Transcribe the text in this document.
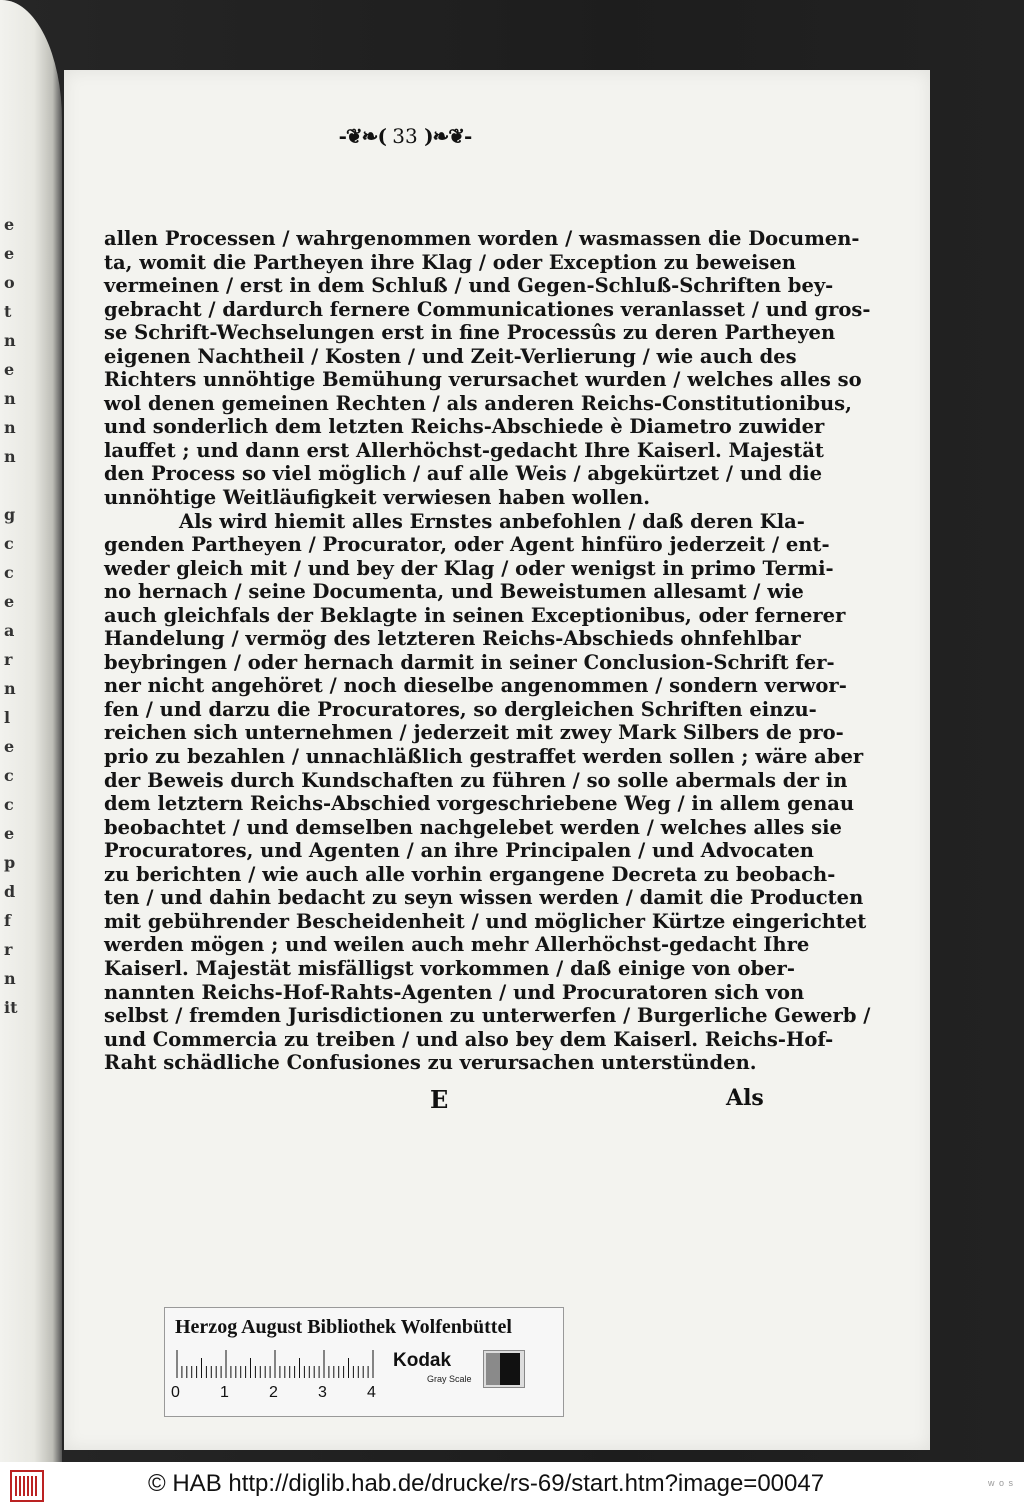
e
e
o
t
n
e
n
n
n

g
c
c
e
a
r
n
l
e
c
c
e
p
d
f
r
n
it
-❦❧( 33 )❧❦-
allen Processen / wahrgenommen worden / wasmassen die Documen-
ta, womit die Partheyen ihre Klag / oder Exception zu beweisen
vermeinen / erst in dem Schluß / und Gegen-Schluß-Schriften bey-
gebracht / dardurch fernere Communicationes veranlasset / und gros-
se Schrift-Wechselungen erst in fine Processûs zu deren Partheyen
eigenen Nachtheil / Kosten / und Zeit-Verlierung / wie auch des
Richters unnöhtige Bemühung verursachet wurden / welches alles so
wol denen gemeinen Rechten / als anderen Reichs-Constitutionibus,
und sonderlich dem letzten Reichs-Abschiede è Diametro zuwider
lauffet ; und dann erst Allerhöchst-gedacht Ihre Kaiserl. Majestät
den Process so viel möglich / auf alle Weis / abgekürtzet / und die
unnöhtige Weitläufigkeit verwiesen haben wollen.
Als wird hiemit alles Ernstes anbefohlen / daß deren Kla-
genden Partheyen / Procurator, oder Agent hinfüro jederzeit / ent-
weder gleich mit / und bey der Klag / oder wenigst in primo Termi-
no hernach / seine Documenta, und Beweistumen allesamt / wie
auch gleichfals der Beklagte in seinen Exceptionibus, oder fernerer
Handelung / vermög des letzteren Reichs-Abschieds ohnfehlbar
beybringen / oder hernach darmit in seiner Conclusion-Schrift fer-
ner nicht angehöret / noch dieselbe angenommen / sondern verwor-
fen / und darzu die Procuratores, so dergleichen Schriften einzu-
reichen sich unternehmen / jederzeit mit zwey Mark Silbers de pro-
prio zu bezahlen / unnachläßlich gestraffet werden sollen ; wäre aber
der Beweis durch Kundschaften zu führen / so solle abermals der in
dem letztern Reichs-Abschied vorgeschriebene Weg / in allem genau
beobachtet / und demselben nachgelebet werden / welches alles sie
Procuratores, und Agenten / an ihre Principalen / und Advocaten
zu berichten / wie auch alle vorhin ergangene Decreta zu beobach-
ten / und dahin bedacht zu seyn wissen werden / damit die Producten
mit gebührender Bescheidenheit / und möglicher Kürtze eingerichtet
werden mögen ; und weilen auch mehr Allerhöchst-gedacht Ihre
Kaiserl. Majestät misfälligst vorkommen / daß einige von ober-
nannten Reichs-Hof-Rahts-Agenten / und Procuratoren sich von
selbst / fremden Jurisdictionen zu unterwerfen / Burgerliche Gewerb /
und Commercia zu treiben / und also bey dem Kaiserl. Reichs-Hof-
Raht schädliche Confusiones zu verursachen unterstünden.
E	Als
Herzog August Bibliothek Wolfenbüttel
0	1	2	3	4
Kodak
Gray Scale
© HAB http://diglib.hab.de/drucke/rs-69/start.htm?image=00047	w o s
